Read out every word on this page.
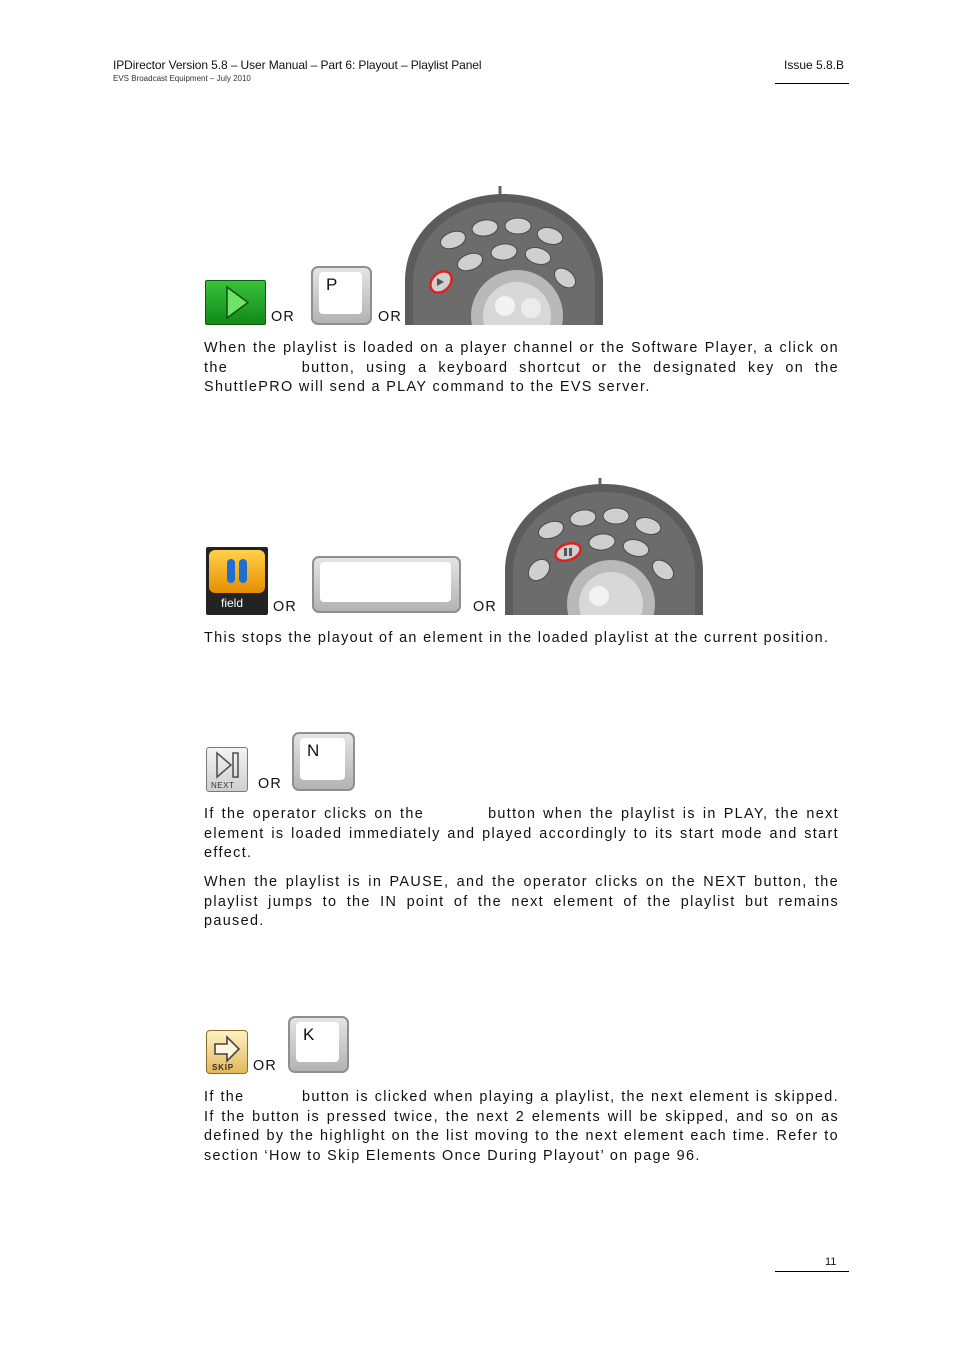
IPDirector Version 5.8 – User Manual – Part 6: Playout – Playlist Panel
EVS Broadcast Equipment – July 2010
Issue 5.8.B
OR
P
OR
When the playlist is loaded on a player channel or the Software Player, a click on the	button, using a keyboard shortcut or the designated key on the ShuttlePRO will send a PLAY command to the EVS server.
field OR	OR
This stops the playout of an element in the loaded playlist at the current position.
NEXT OR
N
If the operator clicks on the	button when the playlist is in PLAY, the next element is loaded immediately and played accordingly to its start mode and start effect.
When the playlist is in PAUSE, and the operator clicks on the NEXT button, the playlist jumps to the IN point of the next element of the playlist but remains paused.
SKIP OR
K
If the	button is clicked when playing a playlist, the next element is skipped. If the button is pressed twice, the next 2 elements will be skipped, and so on as defined by the highlight on the list moving to the next element each time. Refer to section ‘How to Skip Elements Once During Playout’ on page 96.
11
